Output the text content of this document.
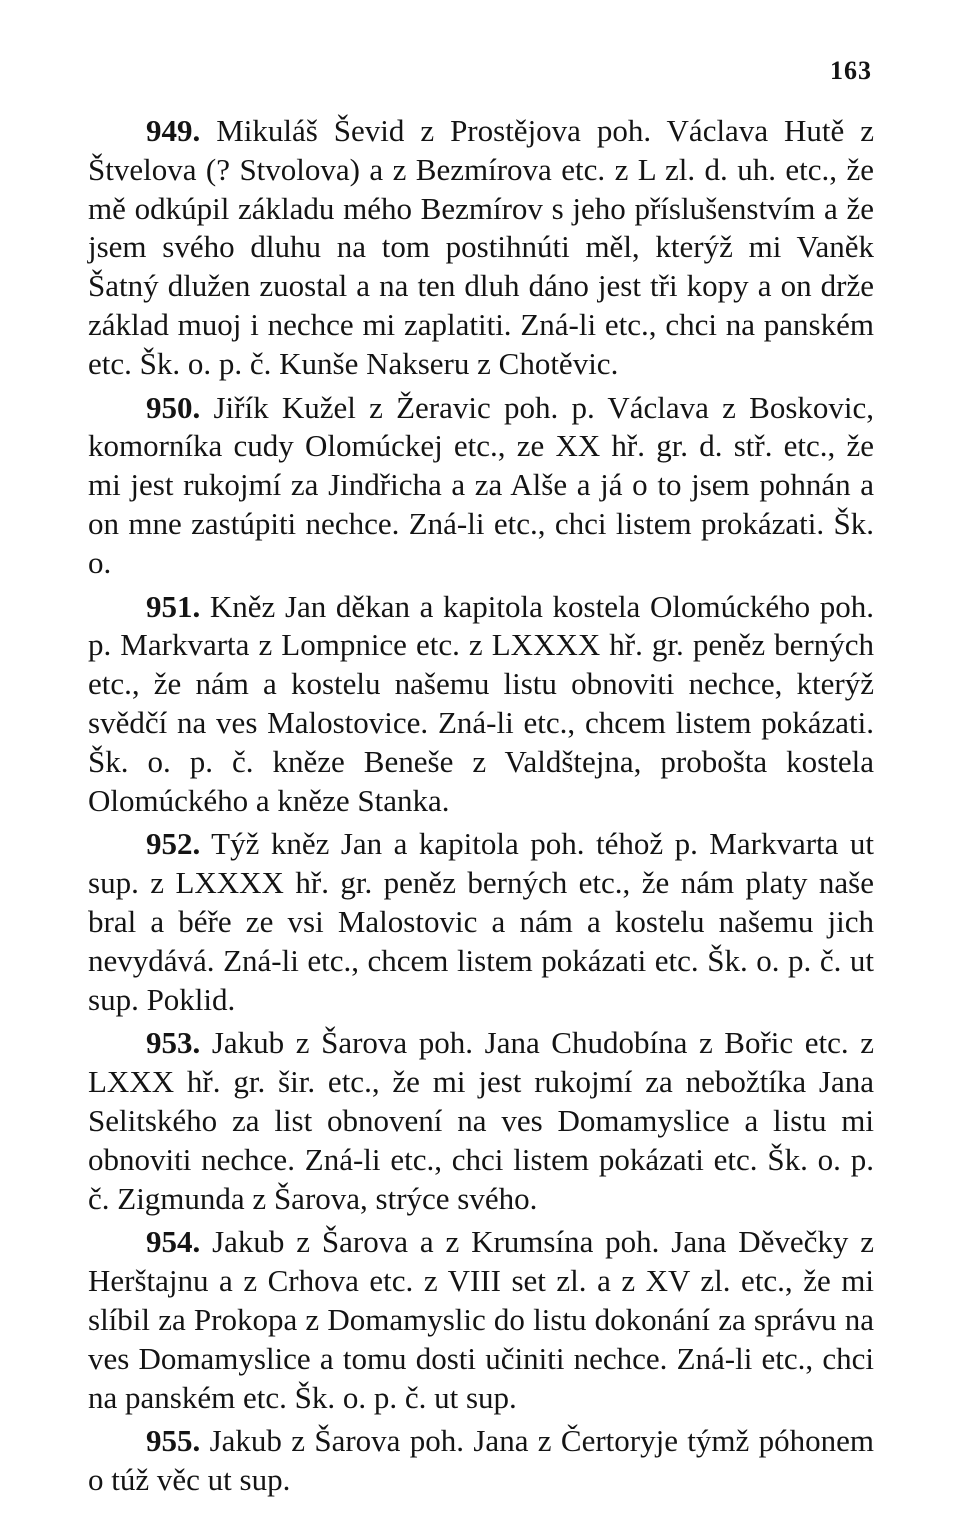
163

949. Mikuláš Ševid z Prostějova poh. Václava Hutě z Štvelova (? Stvolova) a z Bezmírova etc. z L zl. d. uh. etc., že mě odkúpil základu mého Bezmírov s jeho příslušenstvím a že jsem svého dluhu na tom postihnúti měl, kterýž mi Vaněk Šatný dlužen zuostal a na ten dluh dáno jest tři kopy a on drže základ muoj i nechce mi zaplatiti. Zná-li etc., chci na panském etc. Šk. o. p. č. Kunše Nakseru z Chotěvic.

950. Jiřík Kužel z Žeravic poh. p. Václava z Boskovic, komorníka cudy Olomúckej etc., ze XX hř. gr. d. stř. etc., že mi jest rukojmí za Jindřicha a za Alše a já o to jsem pohnán a on mne zastúpiti nechce. Zná-li etc., chci listem prokázati. Šk. o.

951. Kněz Jan děkan a kapitola kostela Olomúckého poh. p. Markvarta z Lompnice etc. z LXXXX hř. gr. peněz berných etc., že nám a kostelu našemu listu obnoviti nechce, kterýž svědčí na ves Malostovice. Zná-li etc., chcem listem pokázati. Šk. o. p. č. kněze Beneše z Valdštejna, probošta kostela Olomúckého a kněze Stanka.

952. Týž kněz Jan a kapitola poh. téhož p. Markvarta ut sup. z LXXXX hř. gr. peněz berných etc., že nám platy naše bral a béře ze vsi Malostovic a nám a kostelu našemu jich nevydává. Zná-li etc., chcem listem pokázati etc. Šk. o. p. č. ut sup. Poklid.

953. Jakub z Šarova poh. Jana Chudobína z Bořic etc. z LXXX hř. gr. šir. etc., že mi jest rukojmí za nebožtíka Jana Selitského za list obnovení na ves Domamyslice a listu mi obnoviti nechce. Zná-li etc., chci listem pokázati etc. Šk. o. p. č. Zigmunda z Šarova, strýce svého.

954. Jakub z Šarova a z Krumsína poh. Jana Děvečky z Herštajnu a z Crhova etc. z VIII set zl. a z XV zl. etc., že mi slíbil za Prokopa z Domamyslic do listu dokonání za správu na ves Domamyslice a tomu dosti učiniti nechce. Zná-li etc., chci na panském etc. Šk. o. p. č. ut sup.

955. Jakub z Šarova poh. Jana z Čertoryje týmž póhonem o túž věc ut sup.
